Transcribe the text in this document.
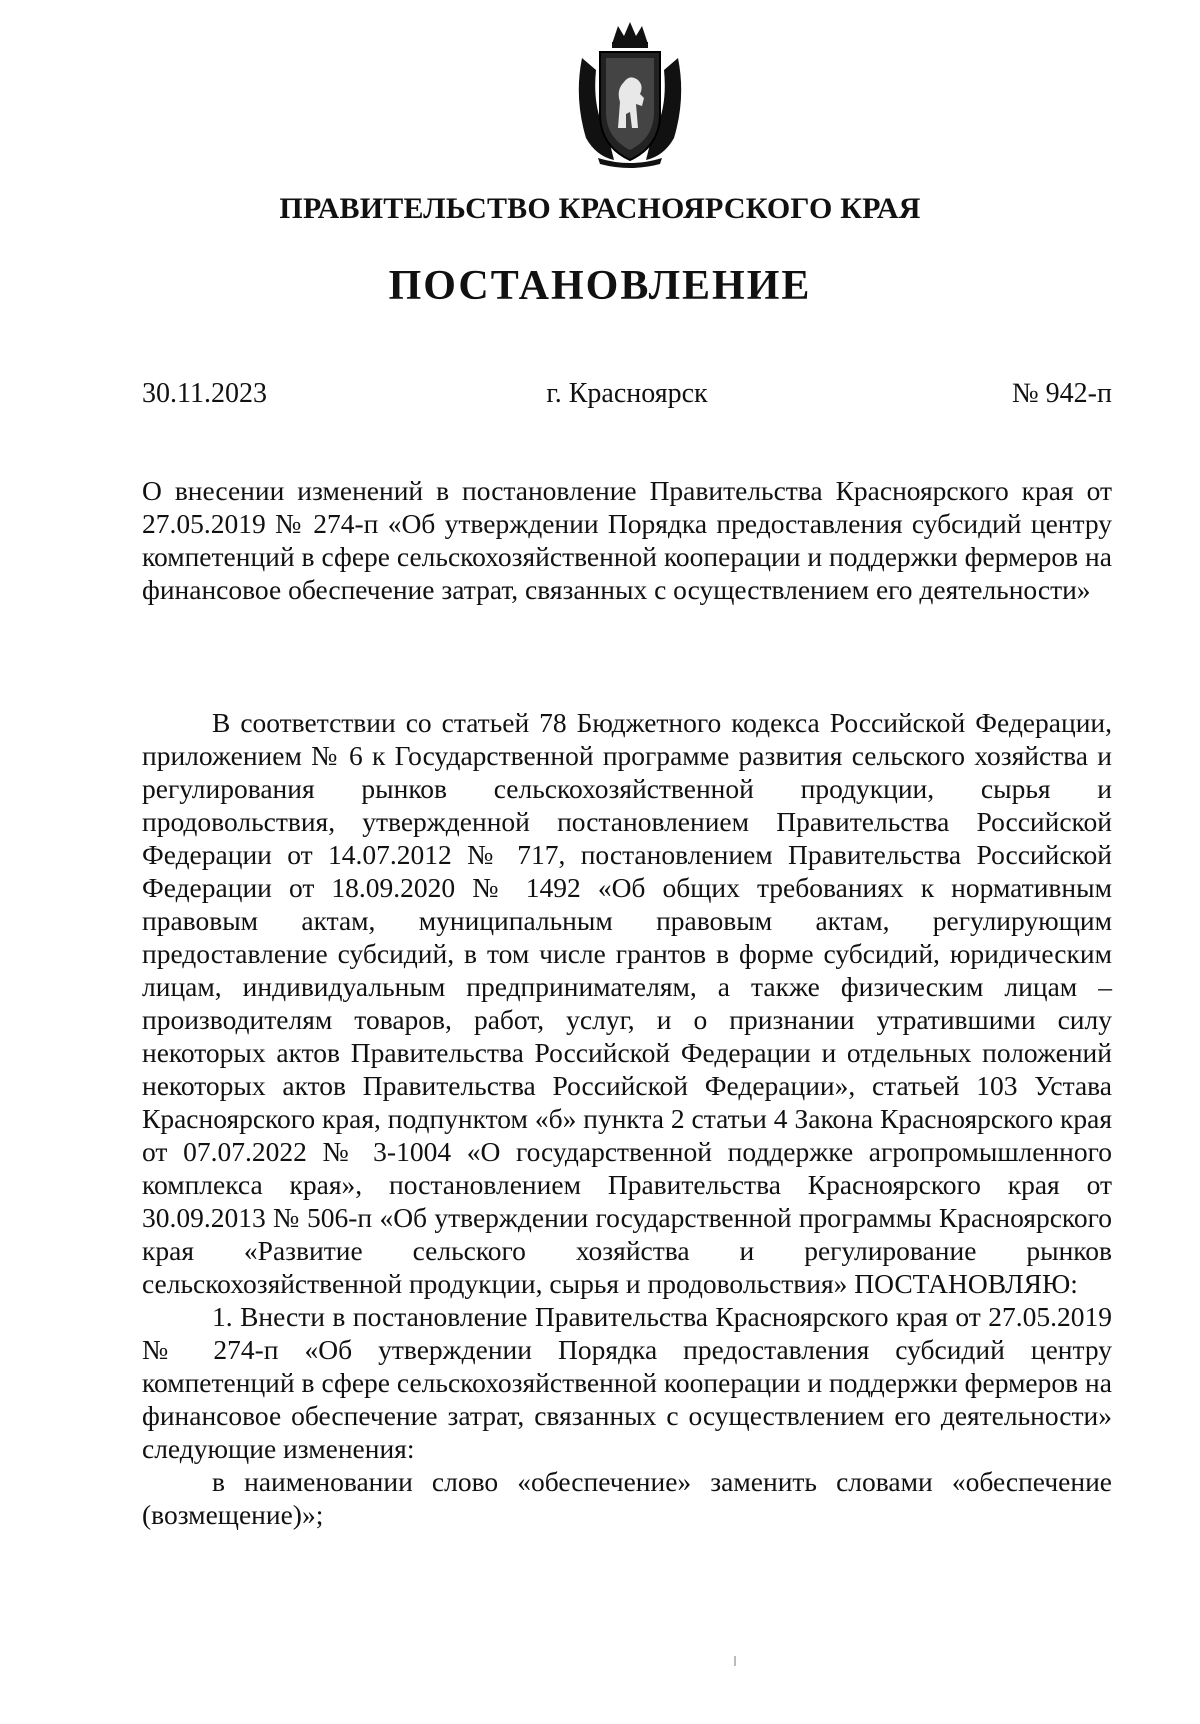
ПРАВИТЕЛЬСТВО КРАСНОЯРСКОГО КРАЯ
ПОСТАНОВЛЕНИЕ
30.11.2023	г. Красноярск	№ 942-п
О внесении изменений в постановление Правительства Красноярского края от 27.05.2019 № 274-п «Об утверждении Порядка предоставления субсидий центру компетенций в сфере сельскохозяйственной кооперации и поддержки фермеров на финансовое обеспечение затрат, связанных с осуществлением его деятельности»

В соответствии со статьей 78 Бюджетного кодекса Российской Федерации, приложением № 6 к Государственной программе развития сельского хозяйства и регулирования рынков сельскохозяйственной продукции, сырья и продовольствия, утвержденной постановлением Правительства Российской Федерации от 14.07.2012 № 717, постановлением Правительства Российской Федерации от 18.09.2020 № 1492 «Об общих требованиях к нормативным правовым актам, муниципальным правовым актам, регулирующим предоставление субсидий, в том числе грантов в форме субсидий, юридическим лицам, индивидуальным предпринимателям, а также физическим лицам – производителям товаров, работ, услуг, и о признании утратившими силу некоторых актов Правительства Российской Федерации и отдельных положений некоторых актов Правительства Российской Федерации», статьей 103 Устава Красноярского края, подпунктом «б» пункта 2 статьи 4 Закона Красноярского края от 07.07.2022 № 3-1004 «О государственной поддержке агропромышленного комплекса края», постановлением Правительства Красноярского края от 30.09.2013 № 506-п «Об утверждении государственной программы Красноярского края «Развитие сельского хозяйства и регулирование рынков сельскохозяйственной продукции, сырья и продовольствия» ПОСТАНОВЛЯЮ:

1. Внести в постановление Правительства Красноярского края от 27.05.2019 № 274-п «Об утверждении Порядка предоставления субсидий центру компетенций в сфере сельскохозяйственной кооперации и поддержки фермеров на финансовое обеспечение затрат, связанных с осуществлением его деятельности» следующие изменения:

в наименовании слово «обеспечение» заменить словами «обеспечение (возмещение)»;
